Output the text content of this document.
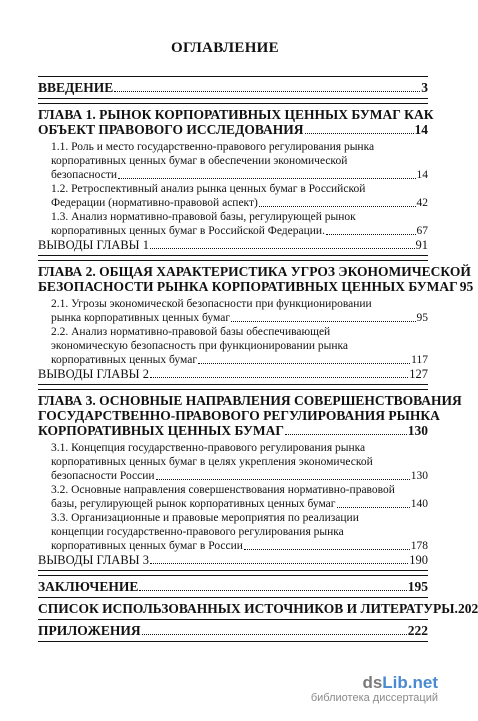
ОГЛАВЛЕНИЕ
ВВЕДЕНИЕ	3
ГЛАВА 1. РЫНОК КОРПОРАТИВНЫХ ЦЕННЫХ БУМАГ КАК
ОБЪЕКТ ПРАВОВОГО ИССЛЕДОВАНИЯ	14
1.1. Роль и место государственно-правового регулирования рынка
корпоративных ценных бумаг в обеспечении экономической
безопасности	14
1.2. Ретроспективный анализ рынка ценных бумаг в Российской
Федерации (нормативно-правовой аспект)	42
1.3. Анализ нормативно-правовой базы, регулирующей рынок
корпоративных ценных бумаг в Российской Федерации.	67
ВЫВОДЫ ГЛАВЫ 1	91
ГЛАВА 2. ОБЩАЯ ХАРАКТЕРИСТИКА УГРОЗ ЭКОНОМИЧЕСКОЙ
БЕЗОПАСНОСТИ РЫНКА КОРПОРАТИВНЫХ ЦЕННЫХ БУМАГ 95
2.1. Угрозы экономической безопасности при функционировании
рынка корпоративных ценных бумаг	95
2.2. Анализ нормативно-правовой базы обеспечивающей
экономическую безопасность при функционировании рынка
корпоративных ценных бумаг	117
ВЫВОДЫ ГЛАВЫ 2	127
ГЛАВА 3. ОСНОВНЫЕ НАПРАВЛЕНИЯ СОВЕРШЕНСТВОВАНИЯ
ГОСУДАРСТВЕННО-ПРАВОВОГО РЕГУЛИРОВАНИЯ РЫНКА
КОРПОРАТИВНЫХ ЦЕННЫХ БУМАГ	130
3.1. Концепция государственно-правового регулирования рынка
корпоративных ценных бумаг в целях укрепления экономической
безопасности России	130
3.2. Основные направления совершенствования нормативно-правовой
базы, регулирующей рынок корпоративных ценных бумаг	140
3.3. Организационные и правовые мероприятия по реализации
концепции государственно-правового регулирования рынка
корпоративных ценных бумаг в России	178
ВЫВОДЫ ГЛАВЫ 3	190
ЗАКЛЮЧЕНИЕ	195
СПИСОК ИСПОЛЬЗОВАННЫХ ИСТОЧНИКОВ И ЛИТЕРАТУРЫ. 202
ПРИЛОЖЕНИЯ	222
dsLib.net
библиотека диссертаций
